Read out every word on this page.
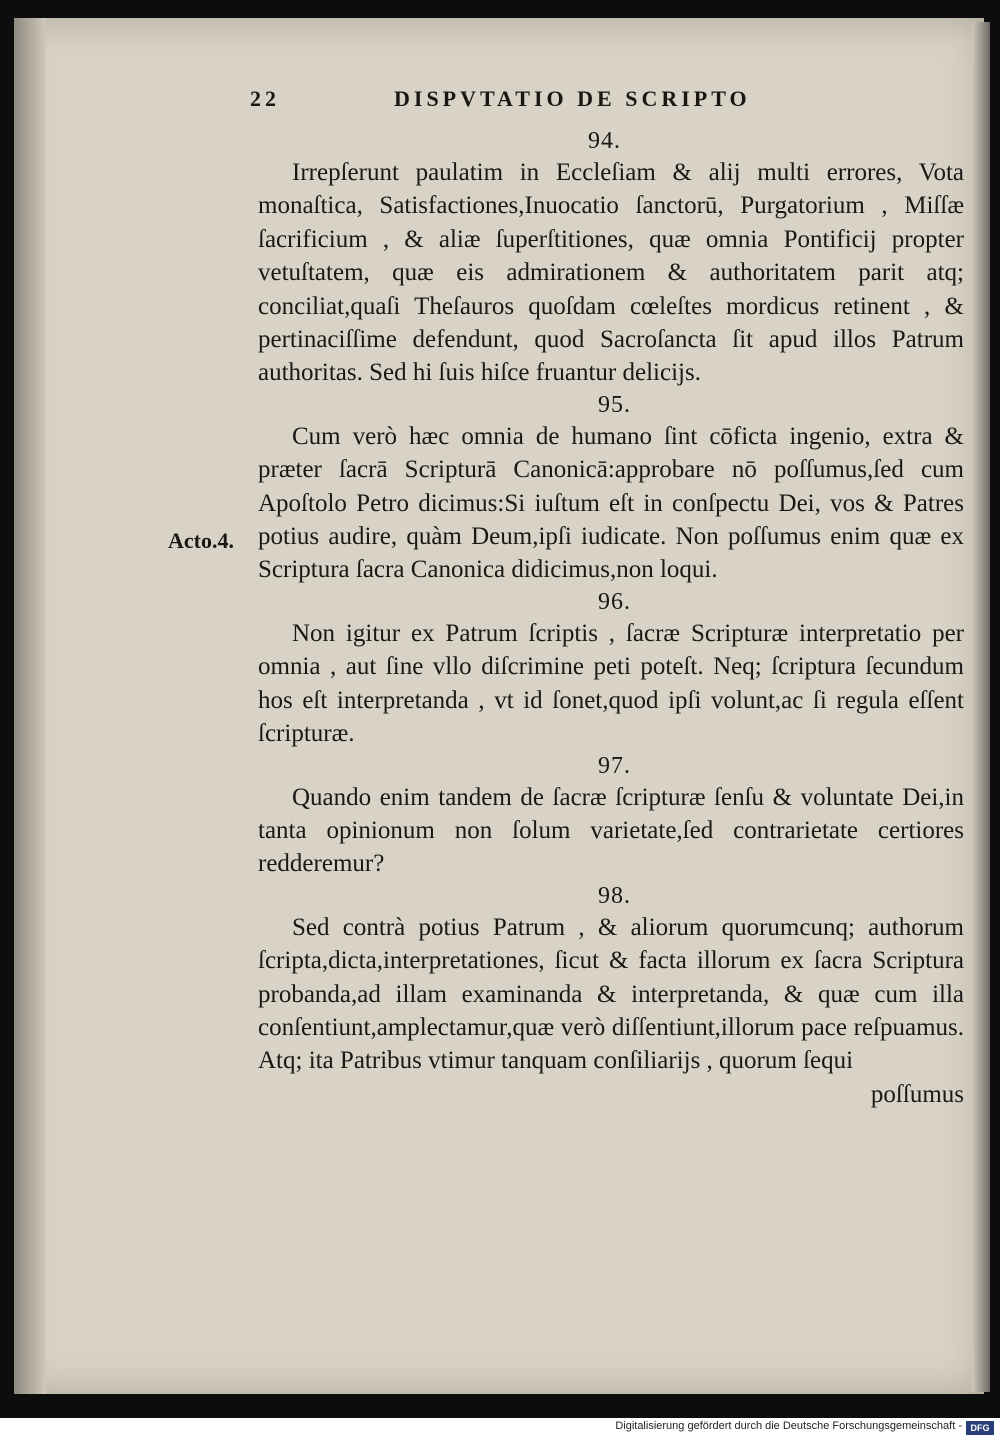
22	DISPVTATIO DE SCRIPTO
Acto.4.

94.

Irrepſerunt paulatim in Eccleſiam & alij multi errores, Vota monaſtica, Satisfactiones,Inuocatio ſanctorū, Purgatorium , Miſſæ ſacrificium , & aliæ ſuperſtitiones, quæ omnia Pontificij propter vetuſtatem, quæ eis admirationem & authoritatem parit atq; conciliat,quaſi Theſauros quoſdam cœleſtes mordicus retinent , & pertinaciſſime defendunt, quod Sacroſancta ſit apud illos Patrum authoritas. Sed hi ſuis hiſce fruantur delicijs.

95.

Cum verò hæc omnia de humano ſint cōficta ingenio, extra & præter ſacrā Scripturā Canonicā:approbare nō poſſumus,ſed cum Apoſtolo Petro dicimus:Si iuſtum eſt in conſpectu Dei, vos & Patres potius audire, quàm Deum,ipſi iudicate. Non poſſumus enim quæ ex Scriptura ſacra Canonica didicimus,non loqui.

96.

Non igitur ex Patrum ſcriptis , ſacræ Scripturæ interpretatio per omnia , aut ſine vllo diſcrimine peti poteſt. Neq; ſcriptura ſecundum hos eſt interpretanda , vt id ſonet,quod ipſi volunt,ac ſi regula eſſent ſcripturæ.

97.

Quando enim tandem de ſacræ ſcripturæ ſenſu & voluntate Dei,in tanta opinionum non ſolum varietate,ſed contrarietate certiores redderemur?

98.

Sed contrà potius Patrum , & aliorum quorumcunq; authorum ſcripta,dicta,interpretationes, ſicut & facta illorum ex ſacra Scriptura probanda,ad illam examinanda & interpretanda, & quæ cum illa conſentiunt,amplectamur,quæ verò diſſentiunt,illorum pace reſpuamus. Atq; ita Patribus vtimur tanquam conſiliarijs , quorum ſequi

poſſumus

Digitalisierung gefördert durch die Deutsche Forschungsgemeinschaft - DFG
